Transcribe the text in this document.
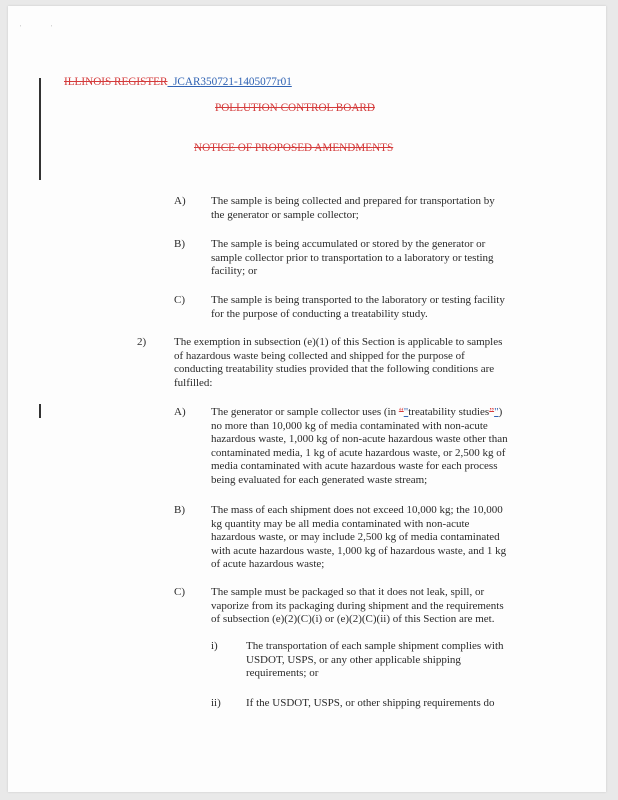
' '
ILLINOIS REGISTER JCAR350721-1405077r01
POLLUTION CONTROL BOARD
NOTICE OF PROPOSED AMENDMENTS
A) The sample is being collected and prepared for transportation by
the generator or sample collector;
B) The sample is being accumulated or stored by the generator or
sample collector prior to transportation to a laboratory or testing
facility; or
C) The sample is being transported to the laboratory or testing facility
for the purpose of conducting a treatability study.
2)	The exemption in subsection (e)(1) of this Section is applicable to samples
of hazardous waste being collected and shipped for the purpose of
conducting treatability studies provided that the following conditions are
fulfilled:
A) The generator or sample collector uses (in “"treatability studies”")
no more than 10,000 kg of media contaminated with non-acute
hazardous waste, 1,000 kg of non-acute hazardous waste other than
contaminated media, 1 kg of acute hazardous waste, or 2,500 kg of
media contaminated with acute hazardous waste for each process
being evaluated for each generated waste stream;
B) The mass of each shipment does not exceed 10,000 kg; the 10,000
kg quantity may be all media contaminated with non-acute
hazardous waste, or may include 2,500 kg of media contaminated
with acute hazardous waste, 1,000 kg of hazardous waste, and 1 kg
of acute hazardous waste;
C) The sample must be packaged so that it does not leak, spill, or
vaporize from its packaging during shipment and the requirements
of subsection (e)(2)(C)(i) or (e)(2)(C)(ii) of this Section are met.
i)	The transportation of each sample shipment complies with
USDOT, USPS, or any other applicable shipping
requirements; or
ii) If the USDOT, USPS, or other shipping requirements do
